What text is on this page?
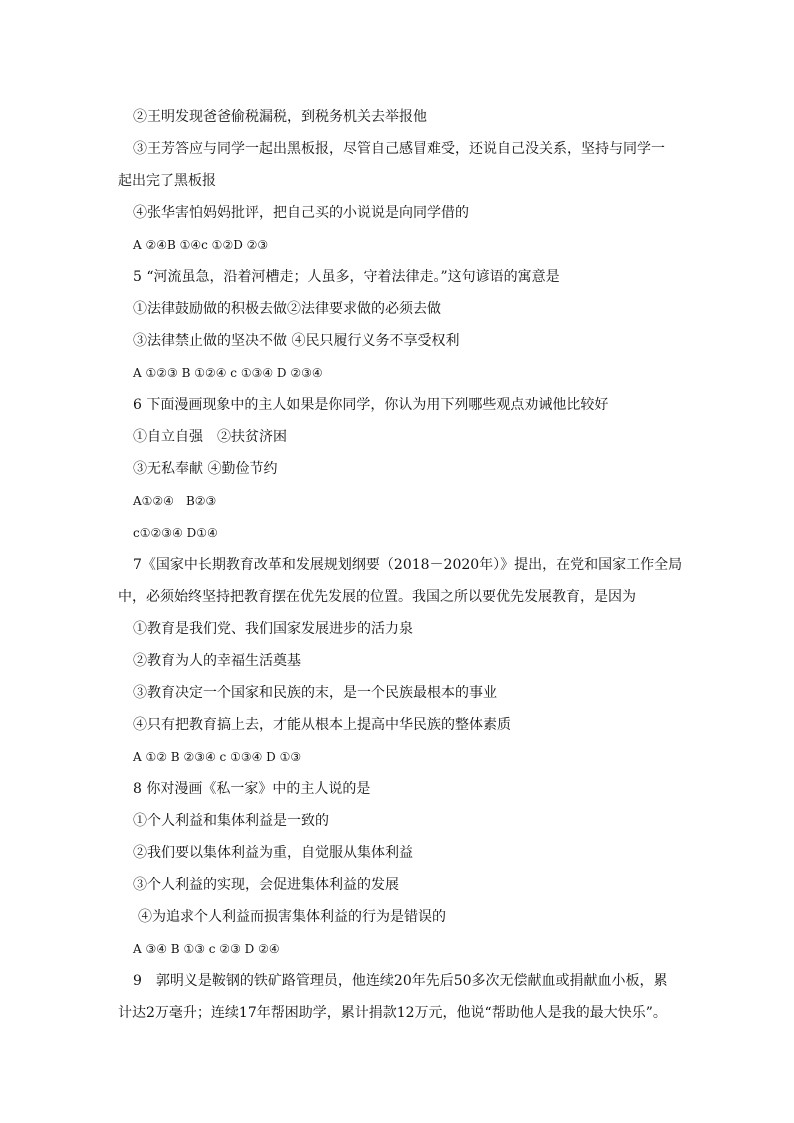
②王明发现爸爸偷税漏税，到税务机关去举报他
③王芳答应与同学一起出黑板报，尽管自己感冒难受，还说自己没关系，坚持与同学一
起出完了黑板报
④张华害怕妈妈批评，把自己买的小说说是向同学借的
A ②④B ①④c ①②D ②③
5 “河流虽急，沿着河槽走；人虽多，守着法律走。”这句谚语的寓意是
①法律鼓励做的积极去做②法律要求做的必须去做
③法律禁止做的坚决不做 ④民只履行义务不享受权利
A ①②③ B ①②④ c ①③④ D ②③④
6 下面漫画现象中的主人如果是你同学，你认为用下列哪些观点劝诫他比较好
①自立自强　②扶贫济困
③无私奉献 ④勤俭节约
A①②④　B②③
c①②③④ D①④
7《国家中长期教育改革和发展规划纲要（2018－2020年）》提出，在党和国家工作全局
中，必须始终坚持把教育摆在优先发展的位置。我国之所以要优先发展教育，是因为
①教育是我们党、我们国家发展进步的活力泉
②教育为人的幸福生活奠基
③教育决定一个国家和民族的末，是一个民族最根本的事业
④只有把教育搞上去，才能从根本上提高中华民族的整体素质
A ①② B ②③④ c ①③④ D ①③
8 你对漫画《私一家》中的主人说的是
①个人利益和集体利益是一致的
②我们要以集体利益为重，自觉服从集体利益
③个人利益的实现，会促进集体利益的发展
④为追求个人利益而损害集体利益的行为是错误的
A ③④ B ①③ c ②③ D ②④
9　郭明义是鞍钢的铁矿路管理员，他连续20年先后50多次无偿献血或捐献血小板，累
计达2万毫升；连续17年帮困助学，累计捐款12万元，他说“帮助他人是我的最大快乐”。
